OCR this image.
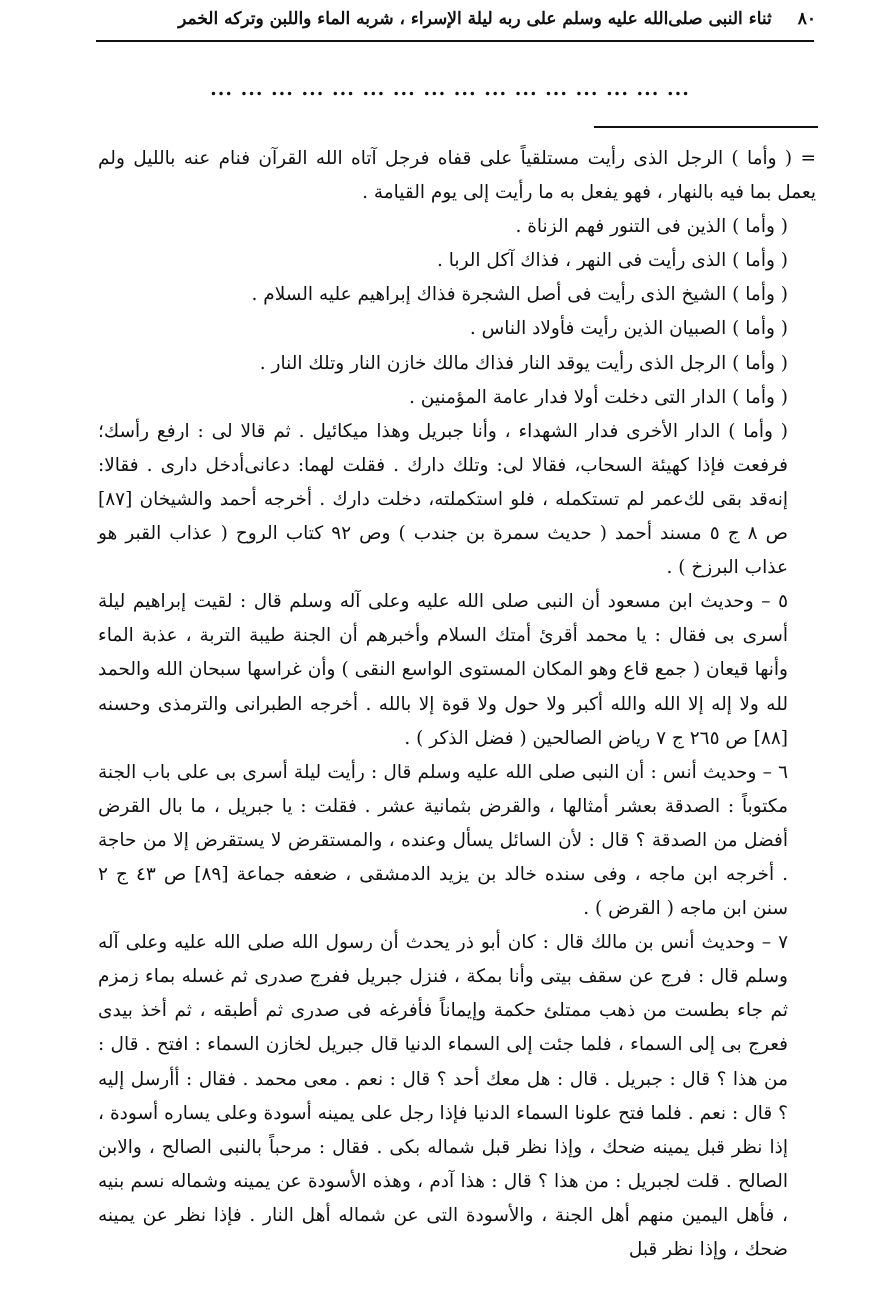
٨٠
ثناء النبى صلى‌الله عليه وسلم على ربه ليلة الإسراء ، شربه الماء واللبن وتركه الخمر
... ... ... ... ... ... ... ... ... ... ... ... ... ... ... ...

= ( وأما ) الرجل الذى رأيت مستلقياً على قفاه فرجل آتاه الله القرآن فنام عنه بالليل ولم يعمل بما فيه بالنهار ، فهو يفعل به ما رأيت إلى يوم القيامة .

( وأما ) الذين فى التنور فهم الزناة .

( وأما ) الذى رأيت فى النهر ، فذاك آكل الربا .

( وأما ) الشيخ الذى رأيت فى أصل الشجرة فذاك إبراهيم عليه السلام .

( وأما ) الصبيان الذين رأيت فأولاد الناس .

( وأما ) الرجل الذى رأيت يوقد النار فذاك مالك خازن النار وتلك النار .

( وأما ) الدار التى دخلت أولا فدار عامة المؤمنين .

( وأما ) الدار الأخرى فدار الشهداء ، وأنا جبريل وهذا ميكائيل . ثم قالا لى : ارفع رأسك؛ فرفعت فإذا كهيئة السحاب، فقالا لى: وتلك دارك . فقلت لهما: دعانى‌أدخل دارى . فقالا: إنه‌قد بقى‌ لك‌عمر لم تستكمله ، فلو استكملته، دخلت دارك . أخرجه أحمد والشيخان [٨٧] ص ٨ ج ٥ مسند أحمد ( حديث سمرة بن جندب ) وص ٩٢ كتاب الروح ( عذاب القبر هو عذاب البرزخ ) .

٥ – وحديث ابن مسعود أن النبى صلى الله عليه وعلى آله وسلم قال : لقيت إبراهيم ليلة أسرى بى فقال : يا محمد أقرئ أمتك السلام وأخبرهم أن الجنة طيبة التربة ، عذبة الماء وأنها قيعان ( جمع قاع وهو المكان المستوى الواسع النقى ) وأن غراسها سبحان الله والحمد لله ولا إله إلا الله والله أكبر ولا حول ولا قوة إلا بالله . أخرجه الطبرانى والترمذى وحسنه [٨٨] ص ٢٦٥ ج ٧ رياض الصالحين ( فضل الذكر ) .

٦ – وحديث أنس : أن النبى صلى الله عليه وسلم قال : رأيت ليلة أسرى بى على باب الجنة مكتوباً : الصدقة بعشر أمثالها ، والقرض بثمانية عشر . فقلت : يا جبريل ، ما بال القرض أفضل من الصدقة ؟ قال : لأن السائل يسأل وعنده ، والمستقرض لا يستقرض إلا من حاجة . أخرجه ابن ماجه ، وفى سنده خالد بن يزيد الدمشقى ، ضعفه جماعة [٨٩] ص ٤٣ ج ٢ سنن ابن ماجه ( القرض ) .

٧ – وحديث أنس بن مالك قال : كان أبو ذر يحدث أن رسول الله صلى الله عليه وعلى آله وسلم قال : فرج عن سقف بيتى وأنا بمكة ، فنزل جبريل ففرج صدرى ثم غسله بماء زمزم ثم جاء بطست من ذهب ممتلئ حكمة وإيماناً فأفرغه فى صدرى ثم أطبقه ، ثم أخذ بيدى فعرج بى إلى السماء ، فلما جئت إلى السماء الدنيا قال جبريل لخازن السماء : افتح . قال : من هذا ؟ قال : جبريل . قال : هل معك أحد ؟ قال : نعم . معى محمد . فقال : أأرسل إليه ؟ قال : نعم . فلما فتح علونا السماء الدنيا فإذا رجل على يمينه أسودة وعلى يساره أسودة ، إذا نظر قبل يمينه ضحك ، وإذا نظر قبل شماله بكى . فقال : مرحباً بالنبى الصالح ، والابن الصالح . قلت لجبريل : من هذا ؟ قال : هذا آدم ، وهذه الأسودة عن يمينه وشماله نسم بنيه ، فأهل اليمين منهم أهل الجنة ، والأسودة التى عن شماله أهل النار . فإذا نظر عن يمينه ضحك ، وإذا نظر قبل
